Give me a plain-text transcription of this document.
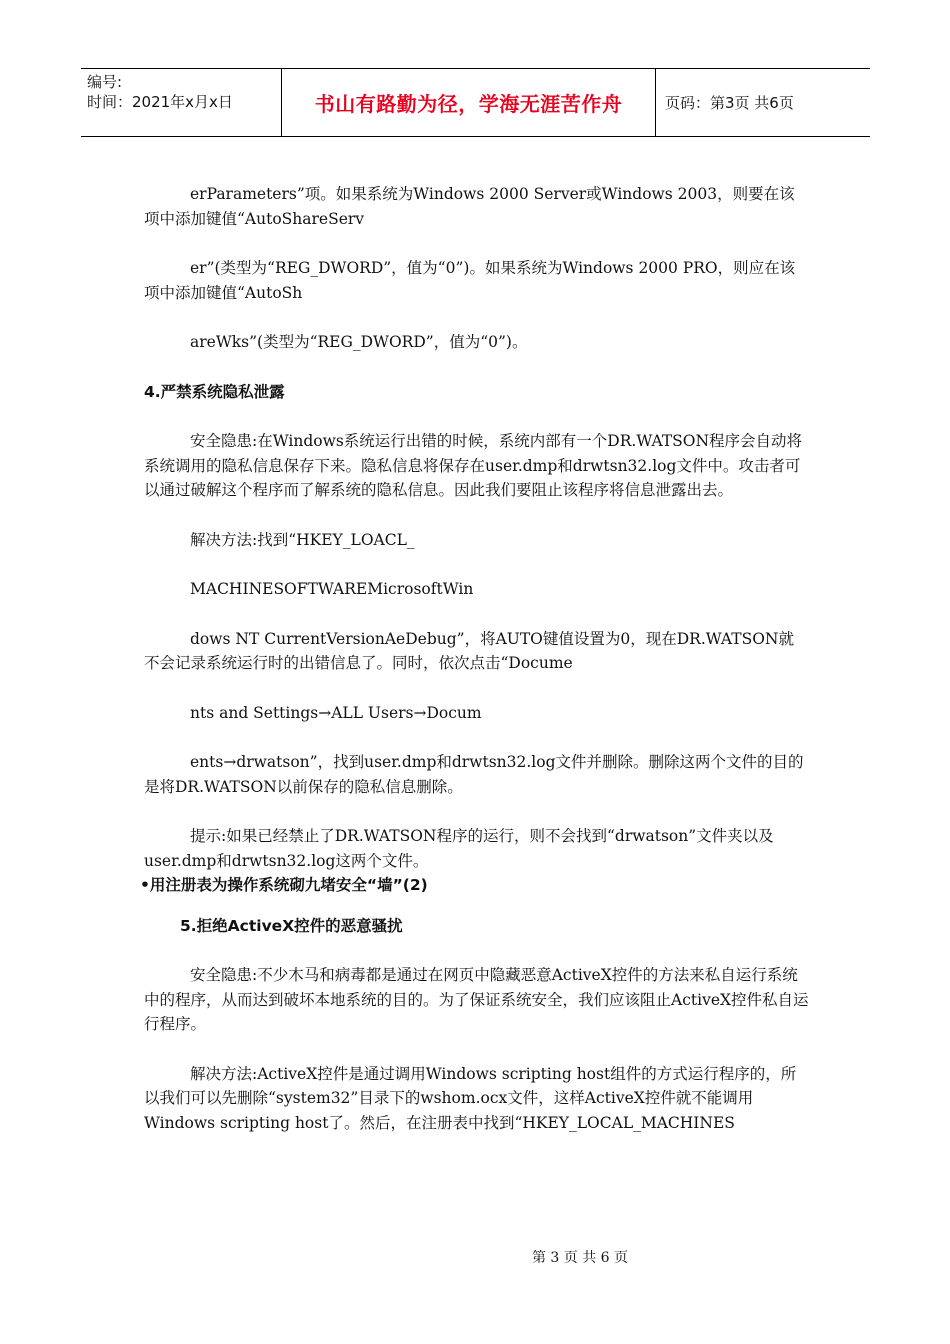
编号:
时间：2021年x月x日	书山有路勤为径，学海无涯苦作舟	页码：第3页 共6页

erParameters”项。如果系统为Windows 2000 Server或Windows 2003，则要在该项中添加键值“AutoShareServ

er”(类型为“REG_DWORD”，值为“0”)。如果系统为Windows 2000 PRO，则应在该项中添加键值“AutoSh

areWks”(类型为“REG_DWORD”，值为“0”)。

4.严禁系统隐私泄露

安全隐患:在Windows系统运行出错的时候，系统内部有一个DR.WATSON程序会自动将系统调用的隐私信息保存下来。隐私信息将保存在user.dmp和drwtsn32.log文件中。攻击者可以通过破解这个程序而了解系统的隐私信息。因此我们要阻止该程序将信息泄露出去。

解决方法:找到“HKEY_LOACL_

MACHINESOFTWAREMicrosoftWin

dows NT CurrentVersionAeDebug”，将AUTO键值设置为0，现在DR.WATSON就不会记录系统运行时的出错信息了。同时，依次点击“Docume

nts and Settings→ALL Users→Docum

ents→drwatson”，找到user.dmp和drwtsn32.log文件并删除。删除这两个文件的目的是将DR.WATSON以前保存的隐私信息删除。

提示:如果已经禁止了DR.WATSON程序的运行，则不会找到“drwatson”文件夹以及user.dmp和drwtsn32.log这两个文件。

•用注册表为操作系统砌九堵安全“墙”(2)

5.拒绝ActiveX控件的恶意骚扰

安全隐患:不少木马和病毒都是通过在网页中隐藏恶意ActiveX控件的方法来私自运行系统中的程序，从而达到破坏本地系统的目的。为了保证系统安全，我们应该阻止ActiveX控件私自运行程序。

解决方法:ActiveX控件是通过调用Windows scripting host组件的方式运行程序的，所以我们可以先删除“system32”目录下的wshom.ocx文件，这样ActiveX控件就不能调用Windows scripting host了。然后，在注册表中找到“HKEY_LOCAL_MACHINES

第 3 页 共 6 页
